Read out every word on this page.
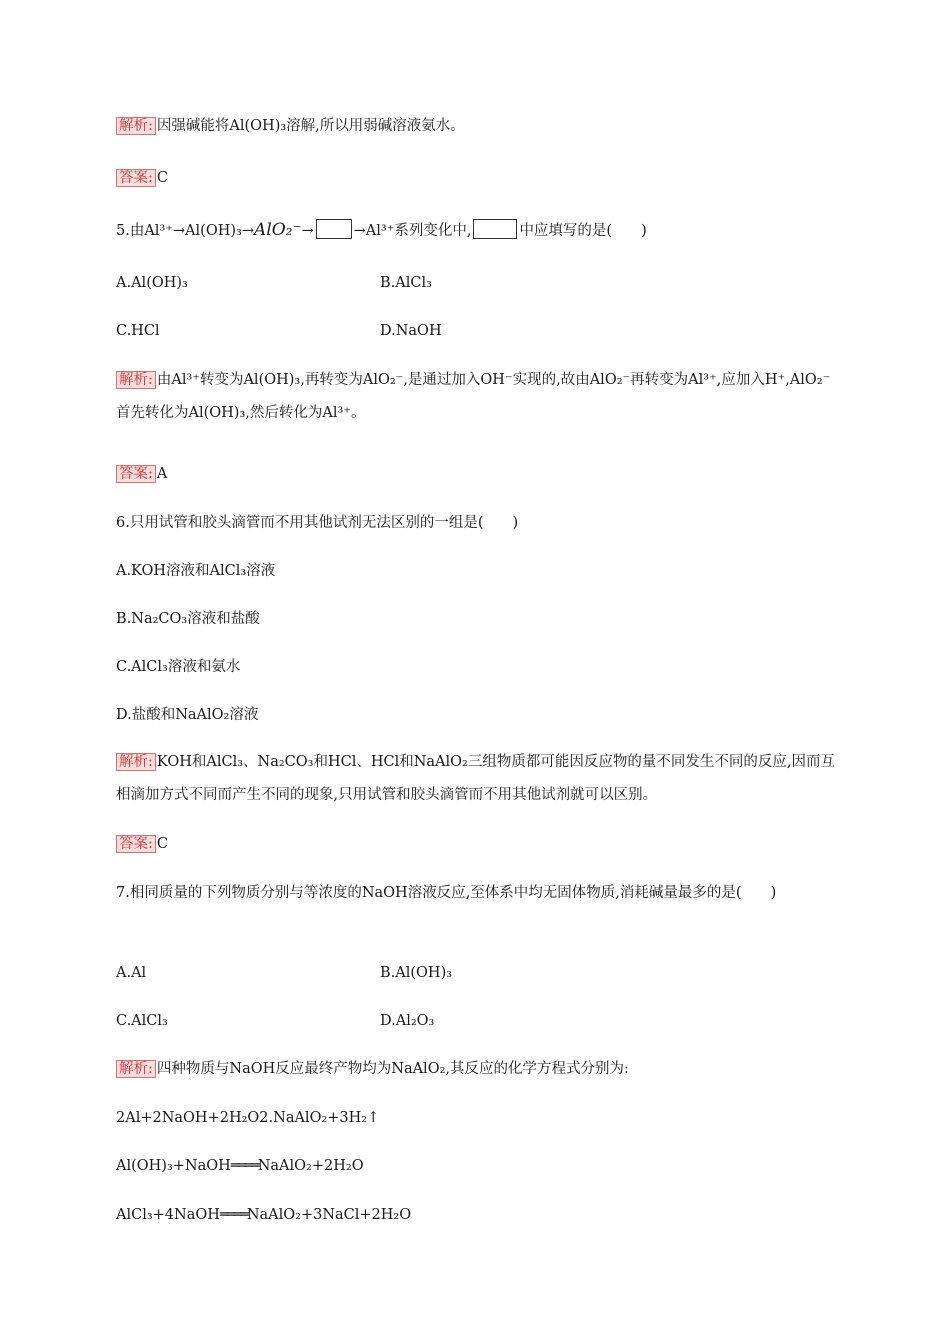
解析: 因强碱能将Al(OH)₃溶解,所以用弱碱溶液氨水。
答案: C
5.由Al³⁺→Al(OH)₃→AlO₂⁻→	→Al³⁺系列变化中,	中应填写的是(　　)
A.Al(OH)₃	B.AlCl₃
C.HCl	D.NaOH
解析: 由Al³⁺转变为Al(OH)₃,再转变为AlO₂⁻,是通过加入OH⁻实现的,故由AlO₂⁻再转变为Al³⁺,应加入H⁺,AlO₂⁻首先转化为Al(OH)₃,然后转化为Al³⁺。
答案: A
6.只用试管和胶头滴管而不用其他试剂无法区别的一组是(　　)
A.KOH溶液和AlCl₃溶液
B.Na₂CO₃溶液和盐酸
C.AlCl₃溶液和氨水
D.盐酸和NaAlO₂溶液
解析: KOH和AlCl₃、Na₂CO₃和HCl、HCl和NaAlO₂三组物质都可能因反应物的量不同发生不同的反应,因而互相滴加方式不同而产生不同的现象,只用试管和胶头滴管而不用其他试剂就可以区别。
答案: C
7.相同质量的下列物质分别与等浓度的NaOH溶液反应,至体系中均无固体物质,消耗碱量最多的是(　　)
A.Al	B.Al(OH)₃
C.AlCl₃	D.Al₂O₃
解析: 四种物质与NaOH反应最终产物均为NaAlO₂,其反应的化学方程式分别为:
2Al+2NaOH+2H₂O2.NaAlO₂+3H₂↑
Al(OH)₃+NaOH════NaAlO₂+2H₂O
AlCl₃+4NaOH════NaAlO₂+3NaCl+2H₂O
